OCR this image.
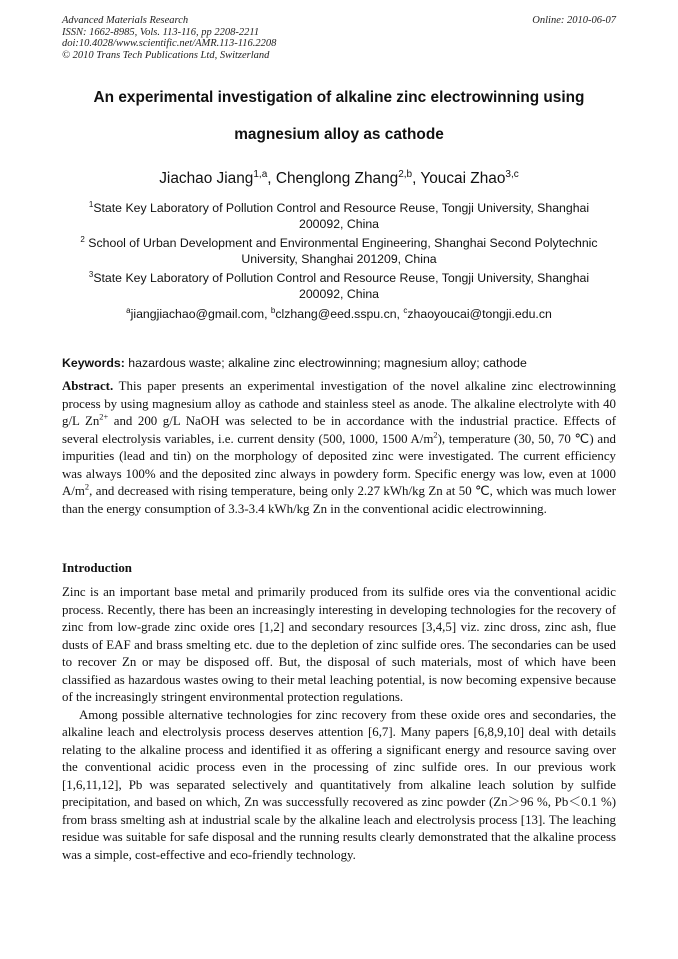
Advanced Materials Research
ISSN: 1662-8985, Vols. 113-116, pp 2208-2211
doi:10.4028/www.scientific.net/AMR.113-116.2208
© 2010 Trans Tech Publications Ltd, Switzerland
Online: 2010-06-07
An experimental investigation of alkaline zinc electrowinning using
magnesium alloy as cathode
Jiachao Jiang$^{1,a}$, Chenglong Zhang$^{2,b}$, Youcai Zhao$^{3,c}$
$^1$State Key Laboratory of Pollution Control and Resource Reuse, Tongji University, Shanghai
200092, China
$^2$ School of Urban Development and Environmental Engineering, Shanghai Second Polytechnic
University, Shanghai 201209, China
$^3$State Key Laboratory of Pollution Control and Resource Reuse, Tongji University, Shanghai
200092, China
$^a$jiangjiachao@gmail.com, $^b$clzhang@eed.sspu.cn, $^c$zhaoyoucai@tongji.edu.cn
Keywords: hazardous waste; alkaline zinc electrowinning; magnesium alloy; cathode
Abstract. This paper presents an experimental investigation of the novel alkaline zinc electrowinning process by using magnesium alloy as cathode and stainless steel as anode. The alkaline electrolyte with 40 g/L $Zn^{2+}$ and 200 g/L NaOH was selected to be in accordance with the industrial practice. Effects of several electrolysis variables, i.e. current density (500, 1000, 1500 $A/m^2$), temperature (30, 50, 70 ℃) and impurities (lead and tin) on the morphology of deposited zinc were investigated. The current efficiency was always 100% and the deposited zinc always in powdery form. Specific energy was low, even at 1000 $A/m^2$, and decreased with rising temperature, being only 2.27 kWh/kg Zn at 50 ℃, which was much lower than the energy consumption of 3.3-3.4 kWh/kg Zn in the conventional acidic electrowinning.
Introduction

Zinc is an important base metal and primarily produced from its sulfide ores via the conventional acidic process. Recently, there has been an increasingly interesting in developing technologies for the recovery of zinc from low-grade zinc oxide ores [1,2] and secondary resources [3,4,5] viz. zinc dross, zinc ash, flue dusts of EAF and brass smelting etc. due to the depletion of zinc sulfide ores. The secondaries can be used to recover Zn or may be disposed off. But, the disposal of such materials, most of which have been classified as hazardous wastes owing to their metal leaching potential, is now becoming expensive because of the increasingly stringent environmental protection regulations.

Among possible alternative technologies for zinc recovery from these oxide ores and secondaries, the alkaline leach and electrolysis process deserves attention [6,7]. Many papers [6,8,9,10] deal with details relating to the alkaline process and identified it as offering a significant energy and resource saving over the conventional acidic process even in the processing of zinc sulfide ores. In our previous work [1,6,11,12], Pb was separated selectively and quantitatively from alkaline leach solution by sulfide precipitation, and based on which, Zn was successfully recovered as zinc powder (Zn＞96 %, Pb＜0.1 %) from brass smelting ash at industrial scale by the alkaline leach and electrolysis process [13]. The leaching residue was suitable for safe disposal and the running results clearly demonstrated that the alkaline process was a simple, cost-effective and eco-friendly technology.
